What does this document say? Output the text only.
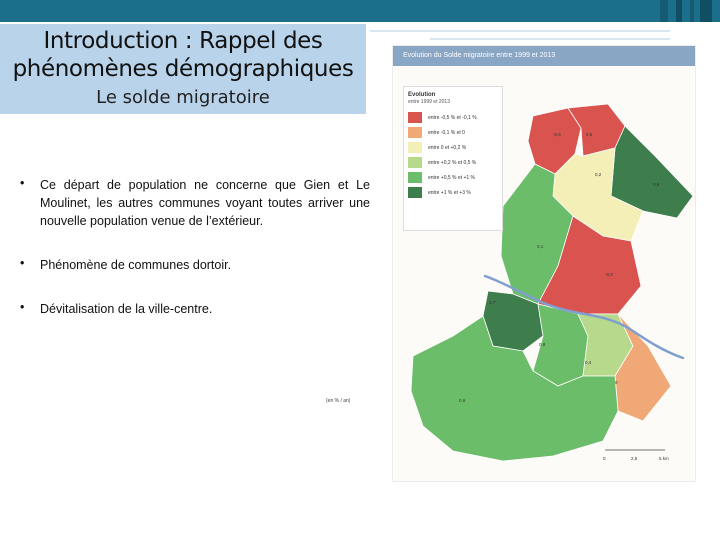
Introduction : Rappel des
phénomènes démographiques
Le solde migratoire
•	Ce départ de population ne concerne que Gien et Le Moulinet, les autres communes voyant toutes arriver une nouvelle population venue de l’extérieur.
•	Phénomène de communes dortoir.
•	Dévitalisation de la ville-centre.
(en % / an)
0	2,5	5 km
-0,5	0,5
0,2
0,6
0,1
-0,3
1,7
0,8
0,4
0
0,6
Evolution du Solde migratoire entre 1999 et 2013
Evolution
entre 1999 et 2013
entre -0,5 % et -0,1 %
entre -0,1 % et 0
entre 0 et +0,2 %
entre +0,2 % et 0,5 %
entre +0,5 % et +1 %
entre +1 % et +3 %
